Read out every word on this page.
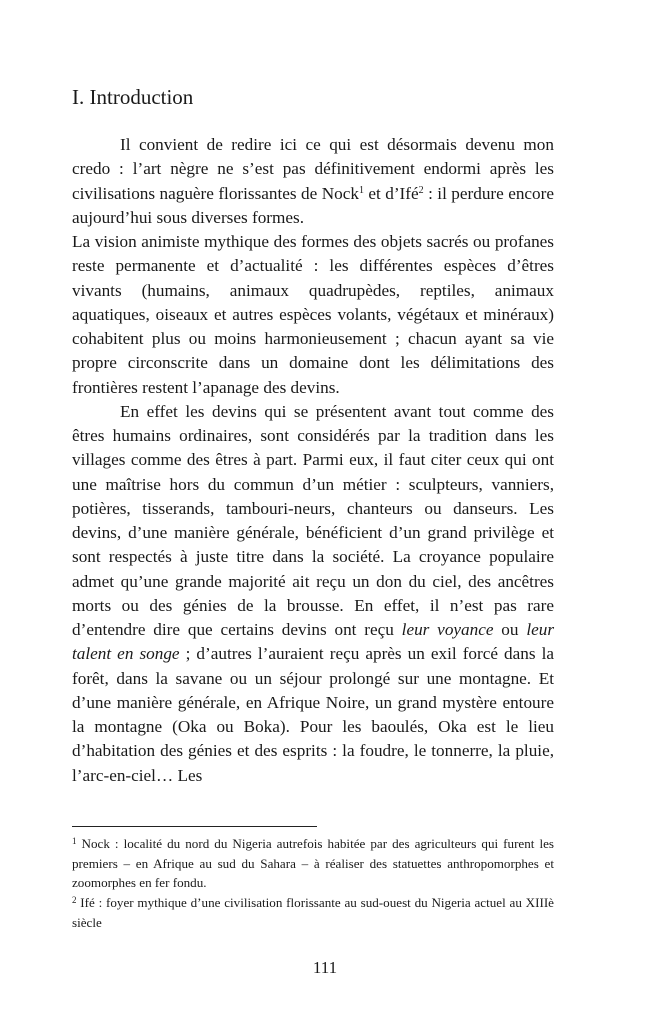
I. Introduction

Il convient de redire ici ce qui est désormais devenu mon credo : l’art nègre ne s’est pas définitivement endormi après les civilisations naguère florissantes de Nock$^1$ et d’Ifé$^2$ : il perdure encore aujourd’hui sous diverses formes.

La vision animiste mythique des formes des objets sacrés ou profanes reste permanente et d’actualité : les différentes espèces d’êtres vivants (humains, animaux quadrupèdes, reptiles, animaux aquatiques, oiseaux et autres espèces volants, végétaux et minéraux) cohabitent plus ou moins harmonieusement ; chacun ayant sa vie propre circonscrite dans un domaine dont les délimitations des frontières restent l’apanage des devins.

En effet les devins qui se présentent avant tout comme des êtres humains ordinaires, sont considérés par la tradition dans les villages comme des êtres à part. Parmi eux, il faut citer ceux qui ont une maîtrise hors du commun d’un métier : sculpteurs, vanniers, potières, tisserands, tambouri-neurs, chanteurs ou danseurs. Les devins, d’une manière générale, bénéficient d’un grand privilège et sont respectés à juste titre dans la société. La croyance populaire admet qu’une grande majorité ait reçu un don du ciel, des ancêtres morts ou des génies de la brousse. En effet, il n’est pas rare d’entendre dire que certains devins ont reçu leur voyance ou leur talent en songe ; d’autres l’auraient reçu après un exil forcé dans la forêt, dans la savane ou un séjour prolongé sur une montagne. Et d’une manière générale, en Afrique Noire, un grand mystère entoure la montagne (Oka ou Boka). Pour les baoulés, Oka est le lieu d’habitation des génies et des esprits : la foudre, le tonnerre, la pluie, l’arc-en-ciel… Les

$^1$ Nock : localité du nord du Nigeria autrefois habitée par des agriculteurs qui furent les premiers – en Afrique au sud du Sahara – à réaliser des statuettes anthropomorphes et zoomorphes en fer fondu.

$^2$ Ifé : foyer mythique d’une civilisation florissante au sud-ouest du Nigeria actuel au XIIIè siècle

111
